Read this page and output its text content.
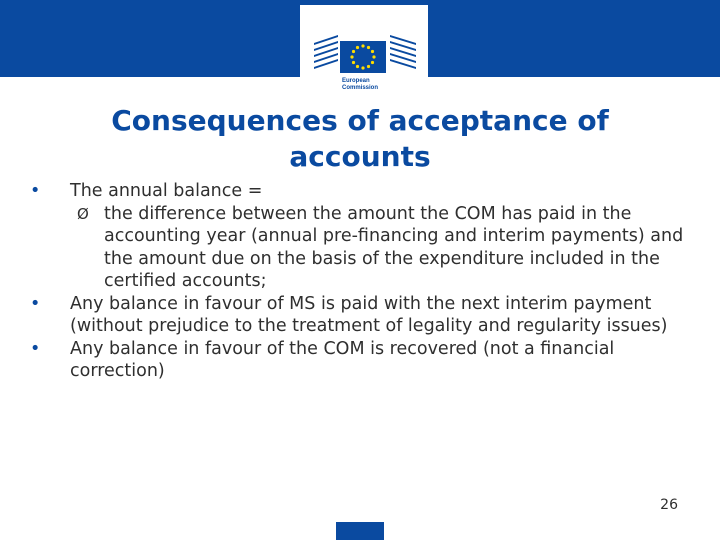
European
Commission
Consequences of acceptance of
accounts
• The annual balance =
Ø the difference between the amount the COM has paid in the accounting year (annual pre-financing and interim payments) and the amount due on the basis of the expenditure included in the certified accounts;
• Any balance in favour of MS is paid with the next interim payment (without prejudice to the treatment of legality and regularity issues)
• Any balance in favour of the COM is recovered (not a financial correction)
26
